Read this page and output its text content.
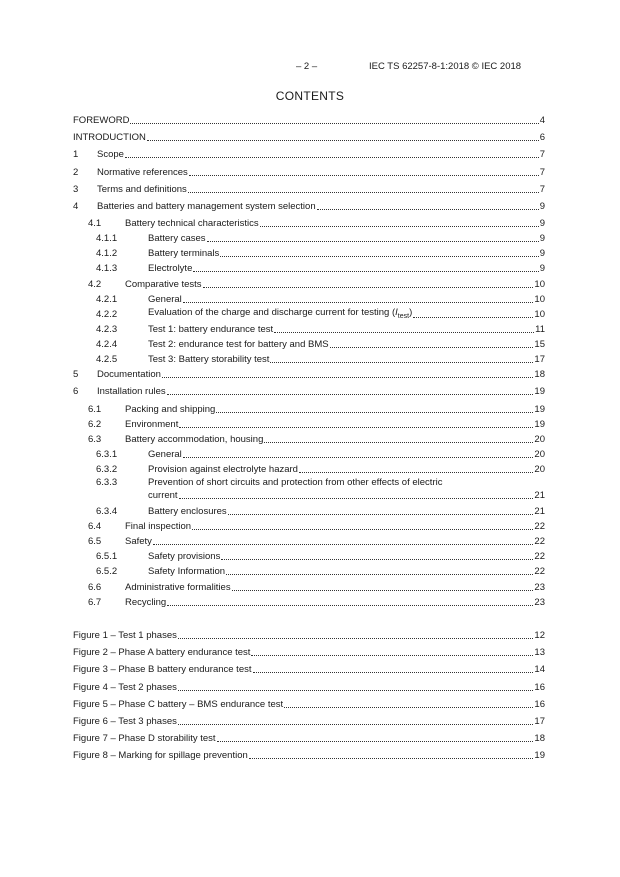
– 2 –	IEC TS 62257-8-1:2018 © IEC 2018
CONTENTS
FOREWORD	4
INTRODUCTION	6
1	Scope	7
2	Normative references	7
3	Terms and definitions	7
4	Batteries and battery management system selection	9
4.1	Battery technical characteristics	9
4.1.1	Battery cases	9
4.1.2	Battery terminals	9
4.1.3	Electrolyte	9
4.2	Comparative tests	10
4.2.1	General	10
4.2.2	Evaluation of the charge and discharge current for testing $(I_{test})$	10
4.2.3	Test 1: battery endurance test	11
4.2.4	Test 2: endurance test for battery and BMS	15
4.2.5	Test 3: Battery storability test	17
5	Documentation	18
6	Installation rules	19
6.1	Packing and shipping	19
6.2	Environment	19
6.3	Battery accommodation, housing	20
6.3.1	General	20
6.3.2	Provision against electrolyte hazard	20
6.3.3	Prevention of short circuits and protection from other effects of electric
current	21
6.3.4	Battery enclosures	21
6.4	Final inspection	22
6.5	Safety	22
6.5.1	Safety provisions	22
6.5.2	Safety Information	22
6.6	Administrative formalities	23
6.7	Recycling	23
Figure 1 – Test 1 phases	12
Figure 2 – Phase A battery endurance test	13
Figure 3 – Phase B battery endurance test	14
Figure 4 – Test 2 phases	16
Figure 5 – Phase C battery – BMS endurance test	16
Figure 6 – Test 3 phases	17
Figure 7 – Phase D storability test	18
Figure 8 – Marking for spillage prevention	19
